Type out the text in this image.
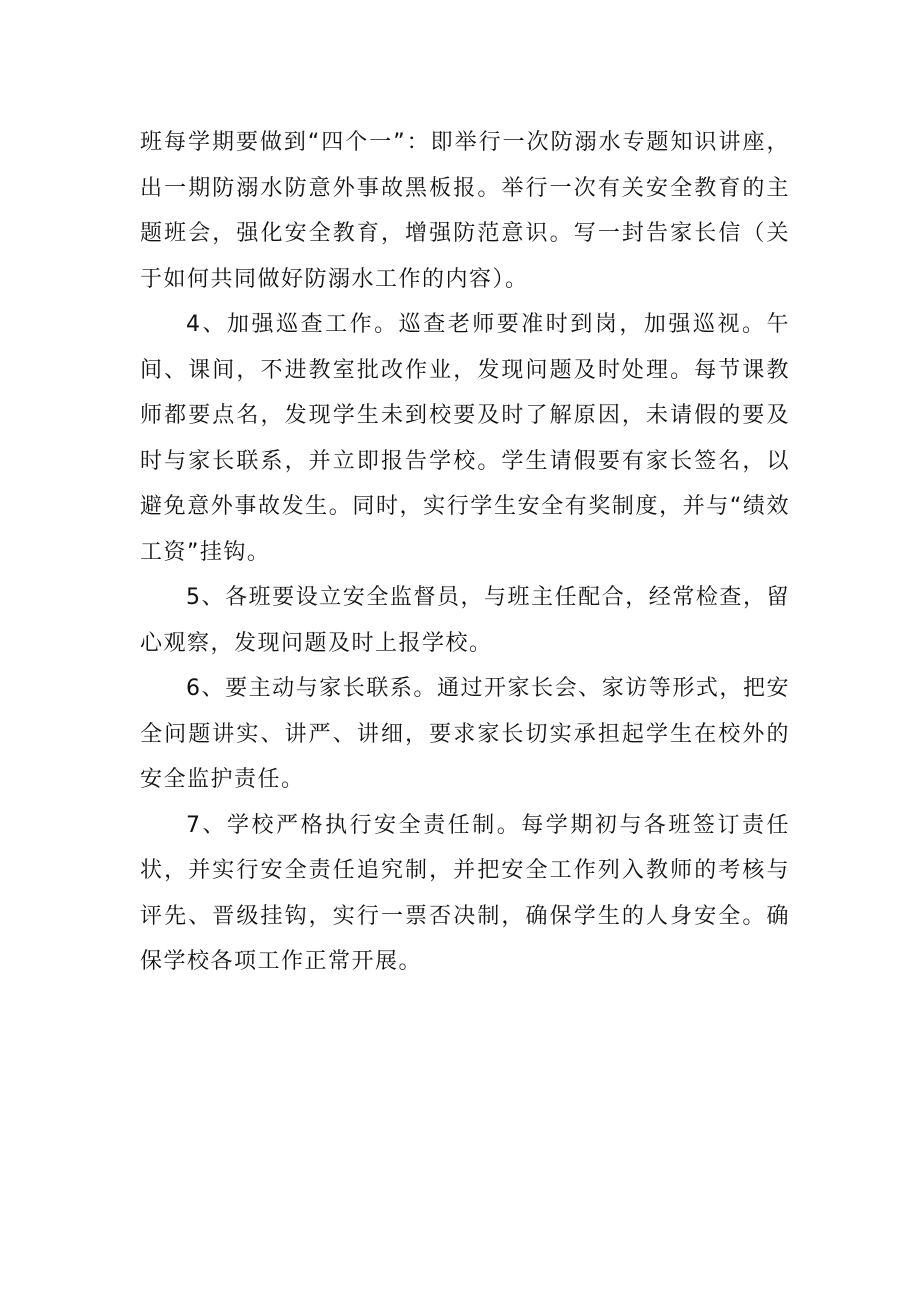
班每学期要做到“四个一”：即举行一次防溺水专题知识讲座，出一期防溺水防意外事故黑板报。举行一次有关安全教育的主题班会，强化安全教育，增强防范意识。写一封告家长信（关于如何共同做好防溺水工作的内容）。

4、加强巡查工作。巡查老师要准时到岗，加强巡视。午间、课间，不进教室批改作业，发现问题及时处理。每节课教师都要点名，发现学生未到校要及时了解原因，未请假的要及时与家长联系，并立即报告学校。学生请假要有家长签名，以避免意外事故发生。同时，实行学生安全有奖制度，并与“绩效工资”挂钩。

5、各班要设立安全监督员，与班主任配合，经常检查，留心观察，发现问题及时上报学校。

6、要主动与家长联系。通过开家长会、家访等形式，把安全问题讲实、讲严、讲细，要求家长切实承担起学生在校外的安全监护责任。

7、学校严格执行安全责任制。每学期初与各班签订责任状，并实行安全责任追究制，并把安全工作列入教师的考核与评先、晋级挂钩，实行一票否决制，确保学生的人身安全。确保学校各项工作正常开展。
